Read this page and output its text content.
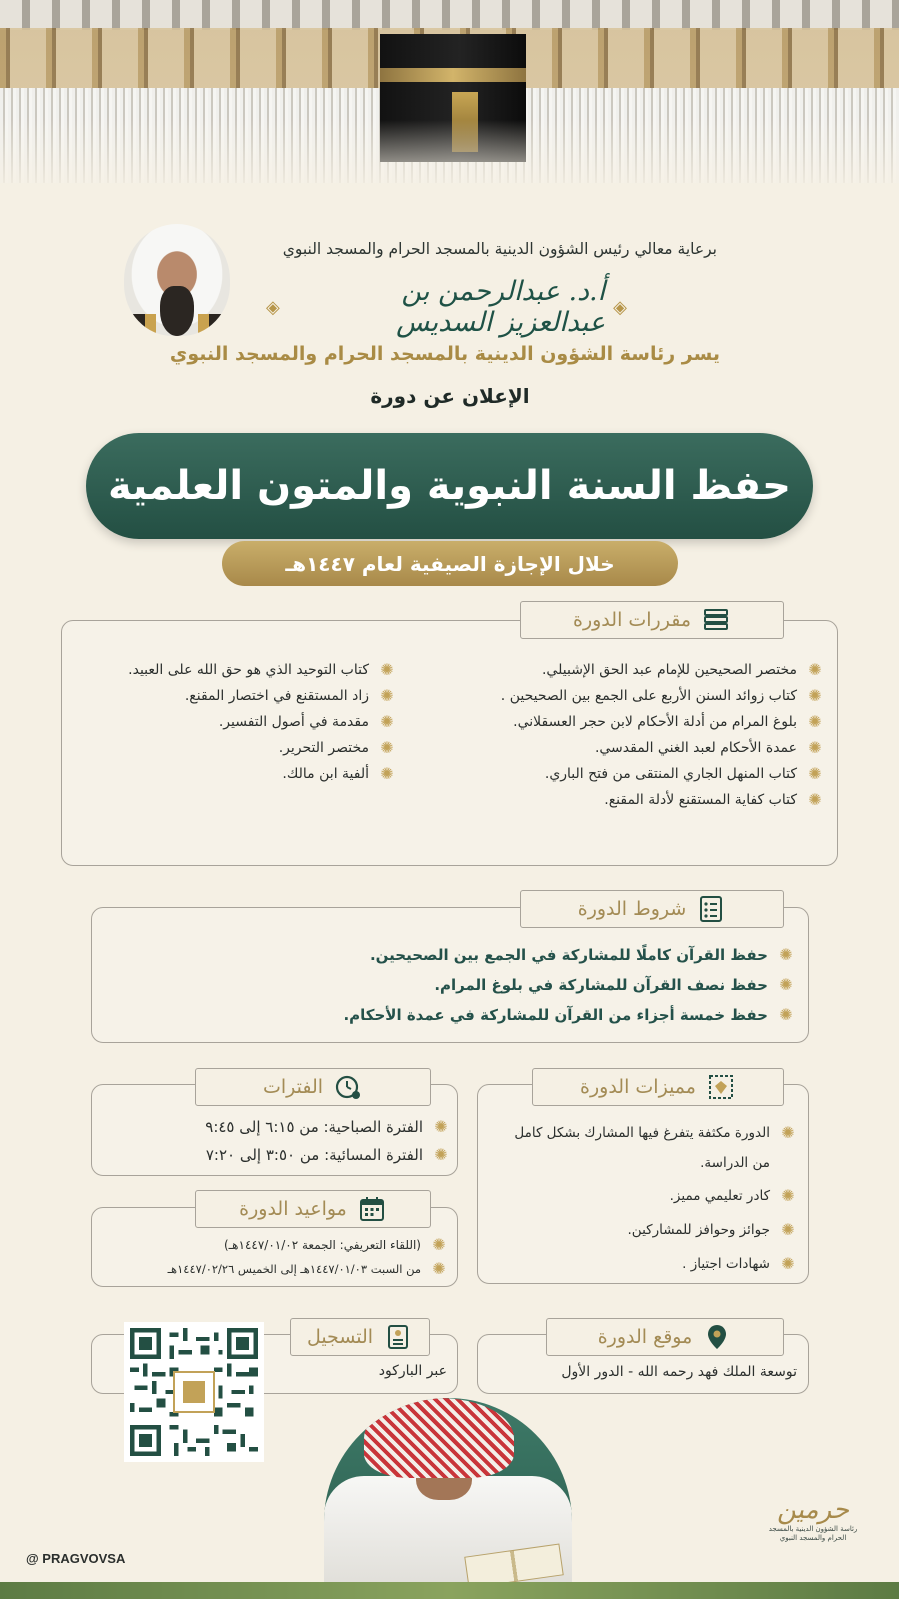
برعاية معالي رئيس الشؤون الدينية بالمسجد الحرام والمسجد النبوي
◈ أ.د. عبدالرحمن بن عبدالعزيز السديس ◈
يسر رئاسة الشؤون الدينية بالمسجد الحرام والمسجد النبوي
الإعلان عن دورة
حفظ السنة النبوية والمتون العلمية
خلال الإجازة الصيفية لعام ١٤٤٧هـ
مقررات الدورة
✺
مختصر الصحيحين للإمام عبد الحق الإشبيلي.
✺
كتاب زوائد السنن الأربع على الجمع بين الصحيحين .
✺
بلوغ المرام من أدلة الأحكام لابن حجر العسقلاني.
✺
عمدة الأحكام لعبد الغني المقدسي.
✺
كتاب المنهل الجاري المنتقى من فتح الباري.
✺
كتاب كفاية المستقنع لأدلة المقنع.
✺
كتاب التوحيد الذي هو حق الله على العبيد.
✺
زاد المستقنع في اختصار المقنع.
✺
مقدمة في أصول التفسير.
✺
مختصر التحرير.
✺
ألفية ابن مالك.
شروط الدورة
✺
حفظ القرآن كاملًا للمشاركة في الجمع بين الصحيحين.
✺
حفظ نصف القرآن للمشاركة في بلوغ المرام.
✺
حفظ خمسة أجزاء من القرآن للمشاركة في عمدة الأحكام.
الفترات
✺
الفترة الصباحية: من ٦:١٥ إلى ٩:٤٥
✺
الفترة المسائية: من ٣:٥٠ إلى ٧:٢٠
مميزات الدورة
✺
الدورة مكثفة يتفرغ فيها المشارك بشكل كامل من الدراسة.
✺
كادر تعليمي مميز.
✺
جوائز وحوافز للمشاركين.
✺
شهادات اجتياز .
مواعيد الدورة
✺
(اللقاء التعريفي: الجمعة ١٤٤٧/٠١/٠٢هـ)
✺
من السبت ١٤٤٧/٠١/٠٣هـ إلى الخميس ١٤٤٧/٠٢/٢٦هـ
التسجيل
عبر الباركود
موقع الدورة
توسعة الملك فهد رحمه الله - الدور الأول
@ PRAGVOVSA
حرمين
رئاسة الشؤون الدينية بالمسجد الحرام والمسجد النبوي
